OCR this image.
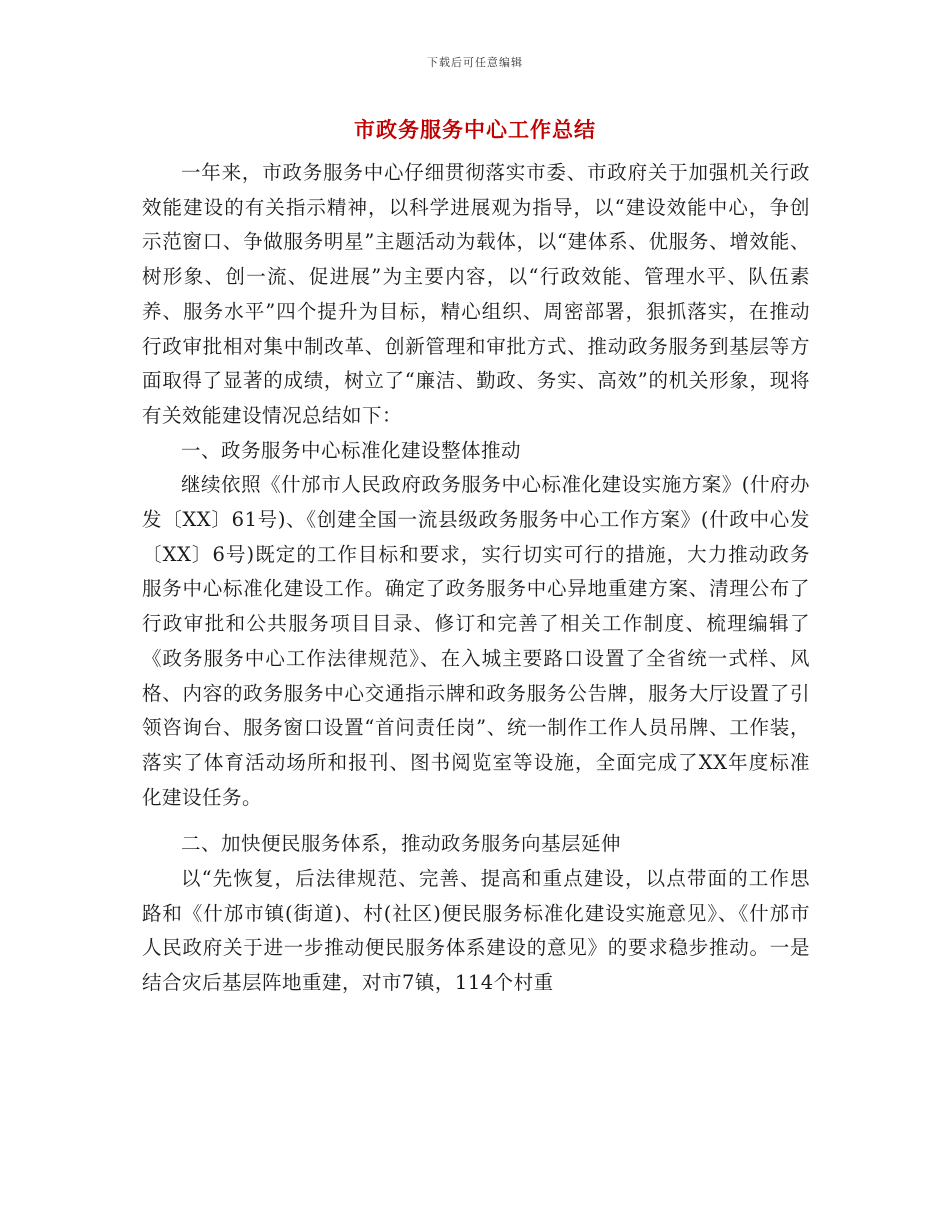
下载后可任意编辑
市政务服务中心工作总结

一年来，市政务服务中心仔细贯彻落实市委、市政府关于加强机关行政效能建设的有关指示精神，以科学进展观为指导，以“建设效能中心，争创示范窗口、争做服务明星”主题活动为载体，以“建体系、优服务、增效能、树形象、创一流、促进展”为主要内容，以“行政效能、管理水平、队伍素养、服务水平”四个提升为目标，精心组织、周密部署，狠抓落实，在推动行政审批相对集中制改革、创新管理和审批方式、推动政务服务到基层等方面取得了显著的成绩，树立了“廉洁、勤政、务实、高效”的机关形象，现将有关效能建设情况总结如下：

一、政务服务中心标准化建设整体推动

继续依照《什邡市人民政府政务服务中心标准化建设实施方案》(什府办发〔XX〕61号)、《创建全国一流县级政务服务中心工作方案》(什政中心发〔XX〕6号)既定的工作目标和要求，实行切实可行的措施，大力推动政务服务中心标准化建设工作。确定了政务服务中心异地重建方案、清理公布了行政审批和公共服务项目目录、修订和完善了相关工作制度、梳理编辑了《政务服务中心工作法律规范》、在入城主要路口设置了全省统一式样、风格、内容的政务服务中心交通指示牌和政务服务公告牌，服务大厅设置了引领咨询台、服务窗口设置“首问责任岗”、统一制作工作人员吊牌、工作装，落实了体育活动场所和报刊、图书阅览室等设施，全面完成了XX年度标准化建设任务。

二、加快便民服务体系，推动政务服务向基层延伸

以“先恢复，后法律规范、完善、提高和重点建设，以点带面的工作思路和《什邡市镇(街道)、村(社区)便民服务标准化建设实施意见》、《什邡市人民政府关于进一步推动便民服务体系建设的意见》的要求稳步推动。一是结合灾后基层阵地重建，对市7镇，114个村重
